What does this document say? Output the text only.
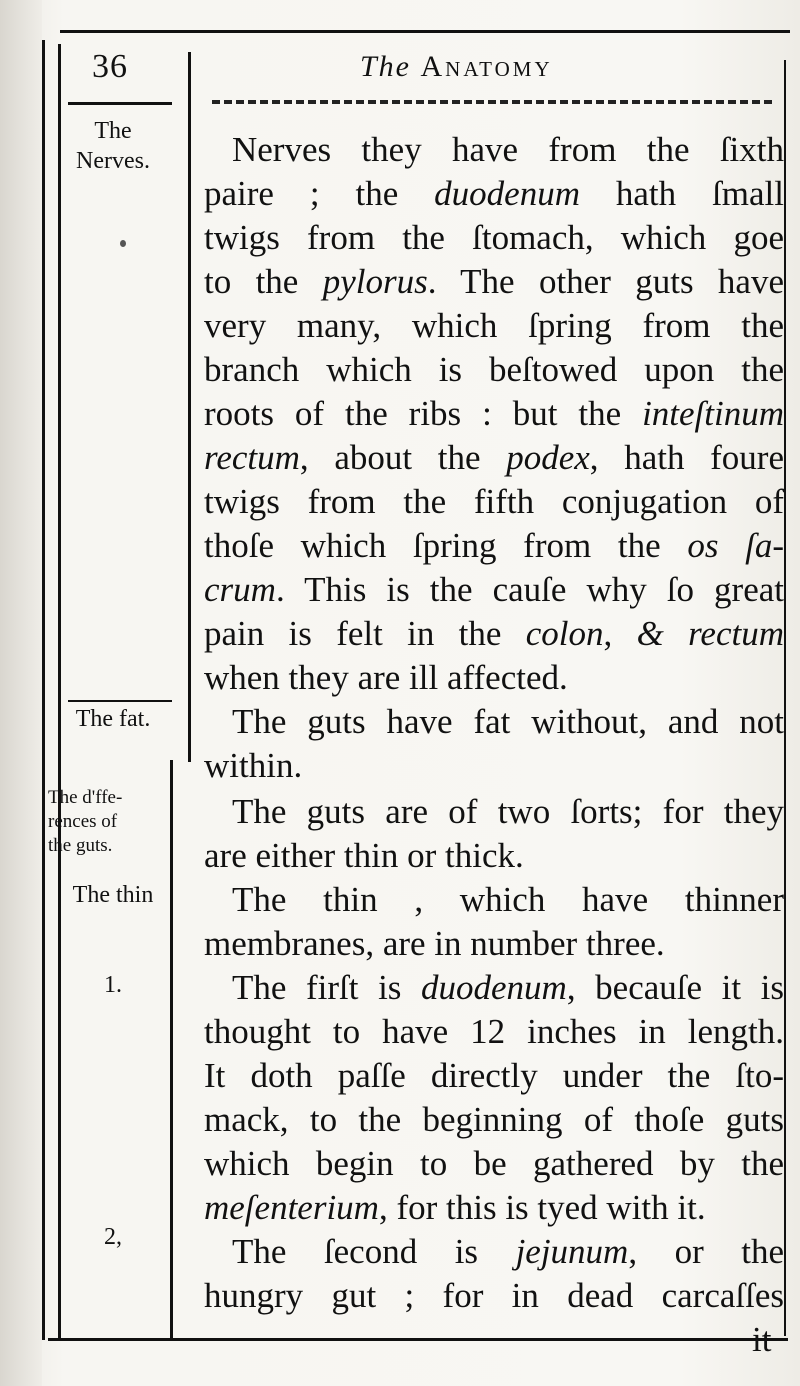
36	The Anatomy
The
Nerves.
The fat.
The d'ffe-
rences of
the guts.
The thin
1.
2,
Nerves they have from the ſixth
paire ; the duodenum hath ſmall
twigs from the ſtomach, which goe
to the pylorus. The other guts have
very many, which ſpring from the
branch which is beſtowed upon the
roots of the ribs : but the inteſtinum
rectum, about the podex, hath foure
twigs from the fifth conjugation of
thoſe which ſpring from the os ſa-
crum. This is the cauſe why ſo great
pain is felt in the colon, & rectum
when they are ill affected.
The guts have fat without, and not
within.
The guts are of two ſorts; for they
are either thin or thick.
The thin , which have thinner
membranes, are in number three.
The firſt is duodenum, becauſe it is
thought to have 12 inches in length.
It doth paſſe directly under the ſto-
mack, to the beginning of thoſe guts
which begin to be gathered by the
meſenterium, for this is tyed with it.
The ſecond is jejunum, or the
hungry gut ; for in dead carcaſſes
it
